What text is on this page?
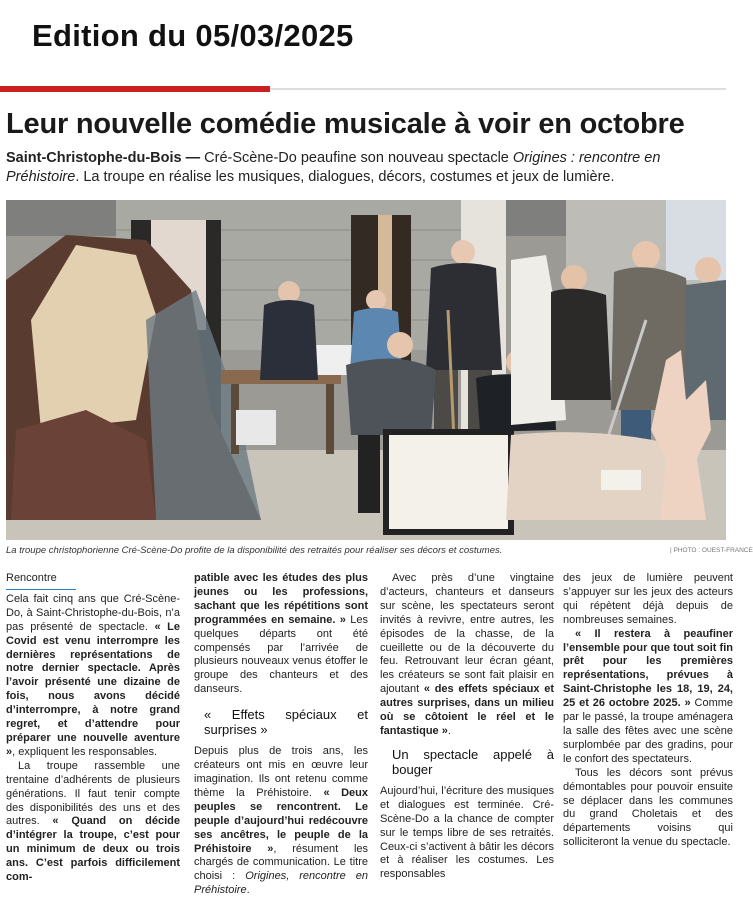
Edition du 05/03/2025
Leur nouvelle comédie musicale à voir en octobre
Saint-Christophe-du-Bois — Cré-Scène-Do peaufine son nouveau spectacle Origines : rencontre en Préhistoire. La troupe en réalise les musiques, dialogues, décors, costumes et jeux de lumière.
La troupe christophorienne Cré-Scène-Do profite de la disponibilité des retraités pour réaliser ses décors et costumes.	| PHOTO : OUEST-FRANCE
Rencontre

Cela fait cinq ans que Cré-Scène-Do, à Saint-Christophe-du-Bois, n’a pas présenté de spectacle. « Le Covid est venu interrompre les dernières représentations de notre dernier spectacle. Après l’avoir présenté une dizaine de fois, nous avons décidé d’interrompre, à notre grand regret, et d’attendre pour préparer une nouvelle aventure », expliquent les responsables.

La troupe rassemble une trentaine d’adhérents de plusieurs générations. Il faut tenir compte des disponibilités des uns et des autres. « Quand on décide d’intégrer la troupe, c’est pour un minimum de deux ou trois ans. C’est parfois difficilement com-

patible avec les études des plus jeunes ou les professions, sachant que les répétitions sont programmées en semaine. » Les quelques départs ont été compensés par l’arrivée de plusieurs nouveaux venus étoffer le groupe des chanteurs et des danseurs.

« Effets spéciaux et surprises »

Depuis plus de trois ans, les créateurs ont mis en œuvre leur imagination. Ils ont retenu comme thème la Préhistoire. « Deux peuples se rencontrent. Le peuple d’aujourd’hui redécouvre ses ancêtres, le peuple de la Préhistoire », résument les chargés de communication. Le titre choisi : Origines, rencontre en Préhistoire.

Avec près d’une vingtaine d’acteurs, chanteurs et danseurs sur scène, les spectateurs seront invités à revivre, entre autres, les épisodes de la chasse, de la cueillette ou de la découverte du feu. Retrouvant leur écran géant, les créateurs se sont fait plaisir en ajoutant « des effets spéciaux et autres surprises, dans un milieu où se côtoient le réel et le fantastique ».

Un spectacle appelé à bouger

Aujourd’hui, l’écriture des musiques et dialogues est terminée. Cré-Scène-Do a la chance de compter sur le temps libre de ses retraités. Ceux-ci s’activent à bâtir les décors et à réaliser les costumes. Les responsables

des jeux de lumière peuvent s’appuyer sur les jeux des acteurs qui répètent déjà depuis de nombreuses semaines.

« Il restera à peaufiner l’ensemble pour que tout soit fin prêt pour les premières représentations, prévues à Saint-Christophe les 18, 19, 24, 25 et 26 octobre 2025. » Comme par le passé, la troupe aménagera la salle des fêtes avec une scène surplombée par des gradins, pour le confort des spectateurs.

Tous les décors sont prévus démontables pour pouvoir ensuite se déplacer dans les communes du grand Choletais et des départements voisins qui solliciteront la venue du spectacle.
